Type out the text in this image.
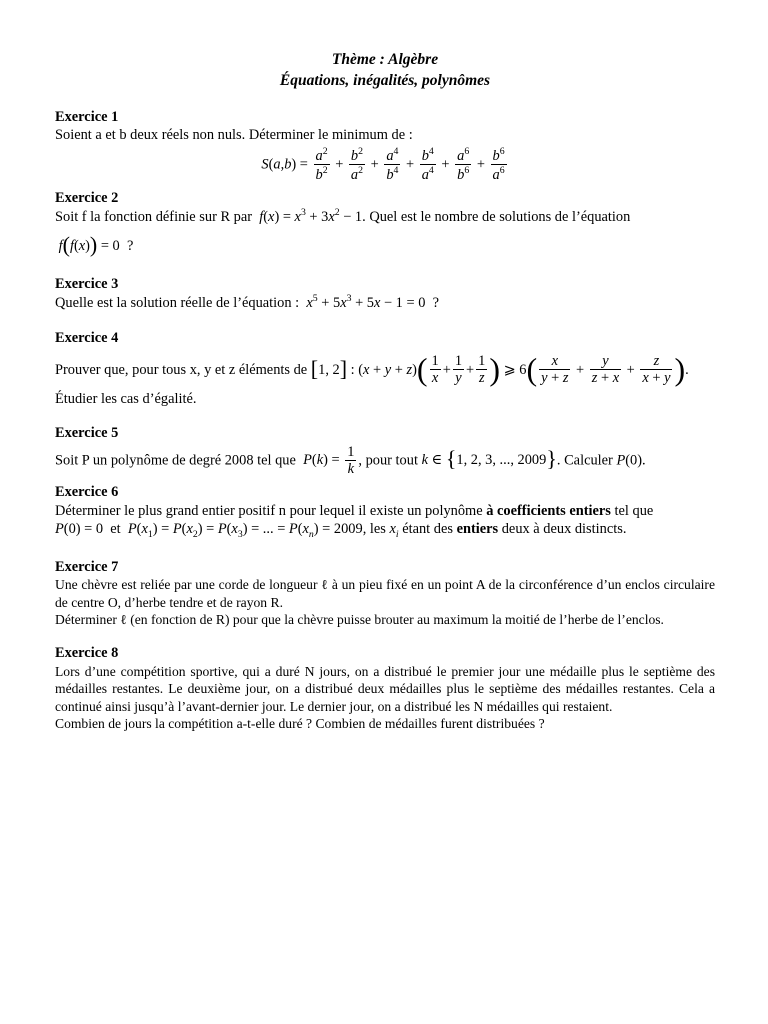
Thème : Algèbre
Équations, inégalités, polynômes
Exercice 1

Soient a et b deux réels non nuls. Déterminer le minimum de :

$S(a,b) = \frac{a^2}{b^2} + \frac{b^2}{a^2} + \frac{a^4}{b^4} + \frac{b^4}{a^4} + \frac{a^6}{b^6} + \frac{b^6}{a^6}$
Exercice 2

Soit f la fonction définie sur R par $f(x) = x^3 + 3x^2 - 1$. Quel est le nombre de solutions de l’équation

f(f(x)) = 0  ?

Exercice 3

Quelle est la solution réelle de l’équation : $x^5 + 5x^3 + 5x - 1 = 0$  ?

Exercice 4

Prouver que, pour tous x, y et z éléments de [1, 2] : $(x + y + z)( \frac{1}{x} + \frac{1}{y} + \frac{1}{z}$ ) ⩾ $6( \frac{x}{y + z} + \frac{y}{z + x} + \frac{z}{x + y}$ ).

Étudier les cas d’égalité.

Exercice 5

Soit P un polynôme de degré 2008 tel que $P(k) = \frac{1}{k}$ , pour tout k ∈ {1, 2, 3, ..., 2009}. Calculer P(0).

Exercice 6

Déterminer le plus grand entier positif n pour lequel il existe un polynôme à coefficients entiers tel que

P(0) = 0  et  $P(x_1) = P(x_2) = P(x_3)$ = ... = $P(x_n) = 2009$, les $x_i$ étant des entiers deux à deux distincts.

Exercice 7

Une chèvre est reliée par une corde de longueur ℓ à un pieu fixé en un point A de la circonférence d’un enclos circulaire de centre O, d’herbe tendre et de rayon R.

Déterminer ℓ (en fonction de R) pour que la chèvre puisse brouter au maximum la moitié de l’herbe de l’enclos.

Exercice 8

Lors d’une compétition sportive, qui a duré N jours, on a distribué le premier jour une médaille plus le septième des médailles restantes. Le deuxième jour, on a distribué deux médailles plus le septième des médailles restantes. Cela a continué ainsi jusqu’à l’avant-dernier jour. Le dernier jour, on a distribué les N médailles qui restaient.

Combien de jours la compétition a-t-elle duré ? Combien de médailles furent distribuées ?
